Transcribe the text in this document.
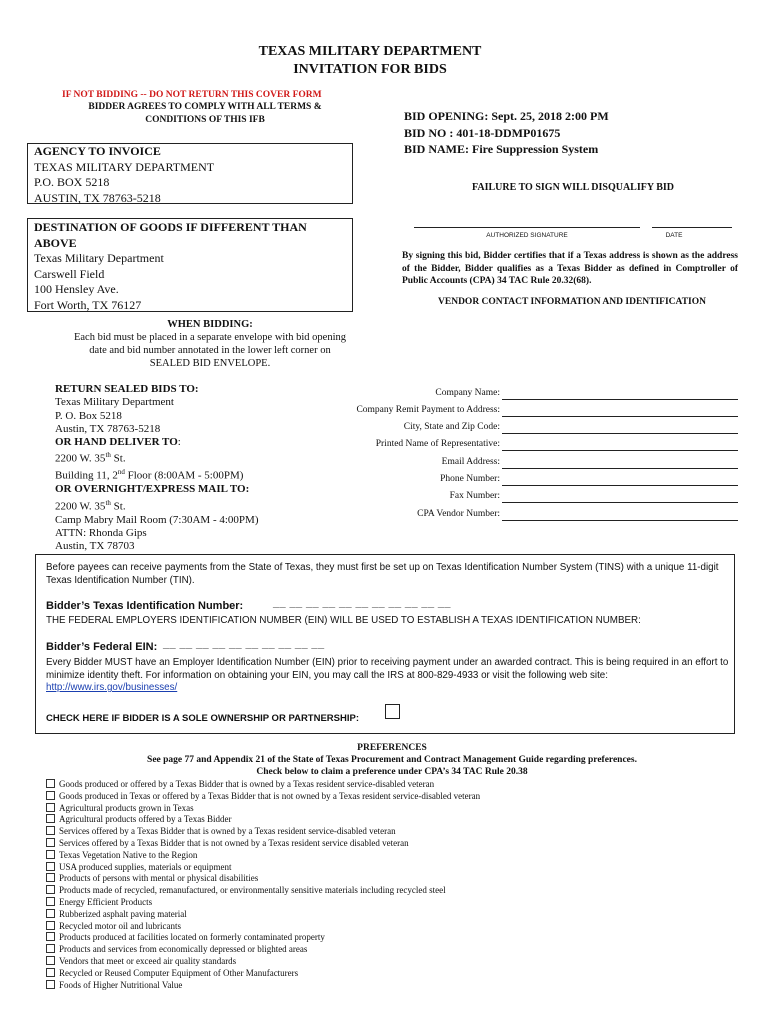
TEXAS MILITARY DEPARTMENT
INVITATION FOR BIDS
IF NOT BIDDING -- DO NOT RETURN THIS COVER FORM
BIDDER AGREES TO COMPLY WITH ALL TERMS &
CONDITIONS OF THIS IFB	BID OPENING: Sept. 25, 2018 2:00 PM
BID NO : 401-18-DDMP01675
BID NAME: Fire Suppression System
FAILURE TO SIGN WILL DISQUALIFY BID
AGENCY TO INVOICE
TEXAS MILITARY DEPARTMENT
P.O. BOX 5218
AUSTIN, TX 78763-5218
DESTINATION OF GOODS IF DIFFERENT THAN
ABOVE
Texas Military Department
Carswell Field
100 Hensley Ave.
Fort Worth, TX 76127
AUTHORIZED SIGNATURE	DATE
By signing this bid, Bidder certifies that if a Texas address is shown as the address of the Bidder, Bidder qualifies as a Texas Bidder as defined in Comptroller of Public Accounts (CPA) 34 TAC Rule 20.32(68).
VENDOR CONTACT INFORMATION AND IDENTIFICATION
WHEN BIDDING:
Each bid must be placed in a separate envelope with bid opening
date and bid number annotated in the lower left corner on
SEALED BID ENVELOPE.
RETURN SEALED BIDS TO:
Texas Military Department
P. O. Box 5218
Austin, TX 78763-5218
OR HAND DELIVER TO:
2200 W. 35th St.
Building 11, 2nd Floor (8:00AM - 5:00PM)
OR OVERNIGHT/EXPRESS MAIL TO:
2200 W. 35th St.
Camp Mabry Mail Room (7:30AM - 4:00PM)
ATTN: Rhonda Gips
Austin, TX 78703
Company Name:
Company Remit Payment to Address:
City, State and Zip Code:
Printed Name of Representative:
Email Address:
Phone Number:
Fax Number:
CPA Vendor Number:
Before payees can receive payments from the State of Texas, they must first be set up on Texas Identification Number System (TINS) with a unique 11-digit Texas Identification Number (TIN).
Bidder’s Texas Identification Number:	__ __ __ __ __ __ __ __ __ __ __
THE FEDERAL EMPLOYERS IDENTIFICATION NUMBER (EIN) WILL BE USED TO ESTABLISH A TEXAS IDENTIFICATION NUMBER:
Bidder’s Federal EIN: __ __ __ __ __ __ __ __ __ __
Every Bidder MUST have an Employer Identification Number (EIN) prior to receiving payment under an awarded contract. This is being required in an effort to minimize identity theft. For information on obtaining your EIN, you may call the IRS at 800-829-4933 or visit the following web site:
http://www.irs.gov/businesses/
CHECK HERE IF BIDDER IS A SOLE OWNERSHIP OR PARTNERSHIP:
PREFERENCES
See page 77 and Appendix 21 of the State of Texas Procurement and Contract Management Guide regarding preferences.
Check below to claim a preference under CPA’s 34 TAC Rule 20.38
Goods produced or offered by a Texas Bidder that is owned by a Texas resident service-disabled veteran
Goods produced in Texas or offered by a Texas Bidder that is not owned by a Texas resident service-disabled veteran
Agricultural products grown in Texas
Agricultural products offered by a Texas Bidder
Services offered by a Texas Bidder that is owned by a Texas resident service-disabled veteran
Services offered by a Texas Bidder that is not owned by a Texas resident service disabled veteran
Texas Vegetation Native to the Region
USA produced supplies, materials or equipment
Products of persons with mental or physical disabilities
Products made of recycled, remanufactured, or environmentally sensitive materials including recycled steel
Energy Efficient Products
Rubberized asphalt paving material
Recycled motor oil and lubricants
Products produced at facilities located on formerly contaminated property
Products and services from economically depressed or blighted areas
Vendors that meet or exceed air quality standards
Recycled or Reused Computer Equipment of Other Manufacturers
Foods of Higher Nutritional Value
